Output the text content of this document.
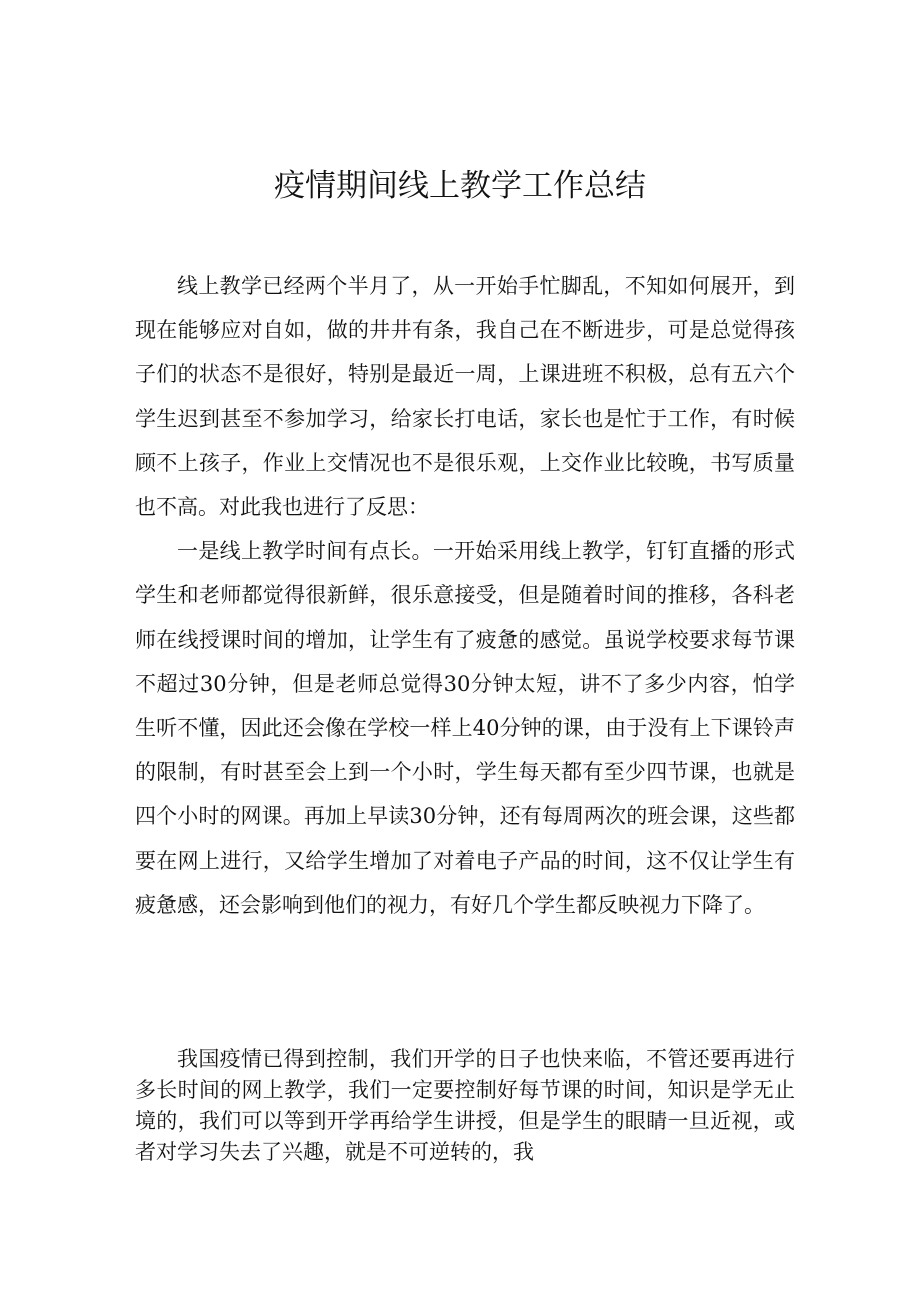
疫情期间线上教学工作总结

线上教学已经两个半月了，从一开始手忙脚乱，不知如何展开，到现在能够应对自如，做的井井有条，我自己在不断进步，可是总觉得孩子们的状态不是很好，特别是最近一周，上课进班不积极，总有五六个学生迟到甚至不参加学习，给家长打电话，家长也是忙于工作，有时候顾不上孩子，作业上交情况也不是很乐观，上交作业比较晚，书写质量也不高。对此我也进行了反思：

一是线上教学时间有点长。一开始采用线上教学，钉钉直播的形式学生和老师都觉得很新鲜，很乐意接受，但是随着时间的推移，各科老师在线授课时间的增加，让学生有了疲惫的感觉。虽说学校要求每节课不超过30分钟，但是老师总觉得30分钟太短，讲不了多少内容，怕学生听不懂，因此还会像在学校一样上40分钟的课，由于没有上下课铃声的限制，有时甚至会上到一个小时，学生每天都有至少四节课，也就是四个小时的网课。再加上早读30分钟，还有每周两次的班会课，这些都要在网上进行，又给学生增加了对着电子产品的时间，这不仅让学生有疲惫感，还会影响到他们的视力，有好几个学生都反映视力下降了。

我国疫情已得到控制，我们开学的日子也快来临，不管还要再进行多长时间的网上教学，我们一定要控制好每节课的时间，知识是学无止境的，我们可以等到开学再给学生讲授，但是学生的眼睛一旦近视，或者对学习失去了兴趣，就是不可逆转的，我
